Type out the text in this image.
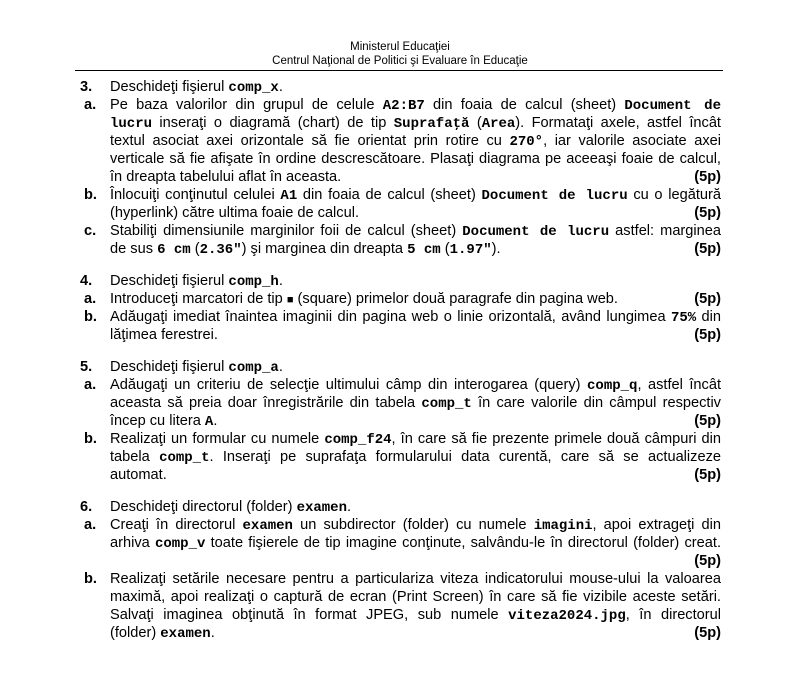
Ministerul Educaţiei
Centrul Naţional de Politici şi Evaluare în Educaţie
3. Deschideţi fişierul comp_x.
a. Pe baza valorilor din grupul de celule A2:B7 din foaia de calcul (sheet) Document de
lucru inseraţi o diagramă (chart) de tip Suprafaţă (Area). Formataţi axele, astfel încât
textul asociat axei orizontale să fie orientat prin rotire cu 270°, iar valorile asociate axei
verticale să fie afişate în ordine descrescătoare. Plasaţi diagrama pe aceeaşi foaie de calcul,
în dreapta tabelului aflat în aceasta.	(5p)
b. Înlocuiţi conţinutul celulei A1 din foaia de calcul (sheet) Document de lucru cu o legătură
(hyperlink) către ultima foaie de calcul.	(5p)
c. Stabiliţi dimensiunile marginilor foii de calcul (sheet) Document de lucru astfel: marginea
de sus 6 cm (2.36″) şi marginea din dreapta 5 cm (1.97″).	(5p)
4. Deschideţi fişierul comp_h.
a. Introduceţi marcatori de tip ■ (square) primelor două paragrafe din pagina web.	(5p)
b. Adăugaţi imediat înaintea imaginii din pagina web o linie orizontală, având lungimea 75% din
lăţimea ferestrei.	(5p)
5. Deschideţi fişierul comp_a.
a. Adăugaţi un criteriu de selecţie ultimului câmp din interogarea (query) comp_q, astfel încât
aceasta să preia doar înregistrările din tabela comp_t în care valorile din câmpul respectiv
încep cu litera A.	(5p)
b. Realizaţi un formular cu numele comp_f24, în care să fie prezente primele două câmpuri din
tabela comp_t. Inseraţi pe suprafaţa formularului data curentă, care să se actualizeze
automat.	(5p)
6. Deschideţi directorul (folder) examen.
a. Creaţi în directorul examen un subdirector (folder) cu numele imagini, apoi extrageţi din
arhiva comp_v toate fişierele de tip imagine conţinute, salvându-le în directorul (folder) creat.
(5p)
b. Realizaţi setările necesare pentru a particulariza viteza indicatorului mouse-ului la valoarea
maximă, apoi realizaţi o captură de ecran (Print Screen) în care să fie vizibile aceste setări.
Salvaţi imaginea obţinută în format JPEG, sub numele viteza2024.jpg, în directorul
(folder) examen.	(5p)
